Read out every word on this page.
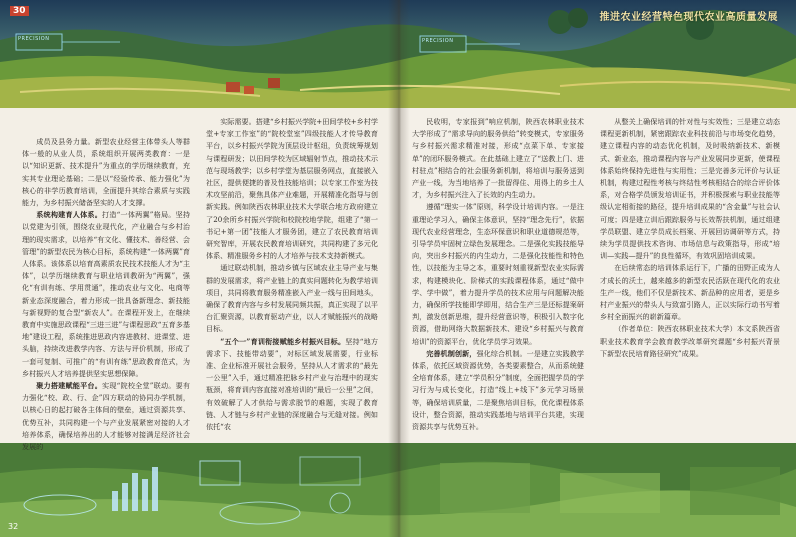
30
PRECISION	PRECISION
推进农业经营特色现代农业高质量发展
32

成员及县务力量。新型农业经营主体带头人等群体一般的从业人员，系统组织开展两类教育：一是以“知识更新、技术提升”为重点的学历继续教育，充实其专业理论基础；二是以“经验传承、能力强化”为核心的非学历教育培训，全面提升其综合素质与实践能力，为乡村振兴储备坚实的人才支撑。

系统构建育人体系。打造“一体两翼”格局。坚持以党建为引领，围绕农业现代化，产业融合与乡村治理的现实需求，以培养“有文化、懂技术、善经营、会管理”的新型农民为核心目标，系统构建“一体两翼”育人体系。该体系以培育高素质农民技术技能人才为“主体”，以学历继续教育与职业培训教研为“两翼”，强化“有训有练、学用贯通”，推动农业与文化、电商等新业态深度融合，着力形成一批具备新理念、新技能与新视野的复合型“新农人”。在课程开发上，在继续教育中实施思政课程“三进三进”与课程思政“五育多基地”建设工程，系统推进思政内容进教材、进课堂、进头脑，持续改进教学内容、方法与评价机制，形成了一套可复制、可推广的“有训有练”思政教育范式，为乡村振兴人才培养提供坚实思想保障。

聚力搭建赋能平台。实现“院校全堂”联动。要有力强化“校、政、行、企”四方联动的协同办学机制，以核心日的起打破各主体间的壁垒，通过资源共享、优势互补，共同构建一个与产业发展紧密对接的人才培养体系，确保培养出的人才能够对接满足经济社会发展的

实际需要。搭建“乡村振兴学院+田间学校+乡村学堂+专家工作室”的“院校堂室”四级技能人才传导教育平台，以乡村振兴学院为顶层设计枢纽，负责统筹规划与课程研发；以田间学校为区域辐射节点，推动技术示范与现场教学；以乡村学堂为基层服务网点，直接嵌入社区，提供便捷的普及性技能培训；以专家工作室为技术攻坚前沿，聚焦具体产业难题，开展精准化指导与创新实践。例如陕西农林职业技术大学联合地方政府建立了20余所乡村振兴学院和校院校地学院，组建了“第一书记+第一团”技能人才服务团，建立了农民教育培训研究智库，开展农民教育培训研究，共同构建了多元化体系、精准服务乡村的人才培养与技术支持新模式。

通过联动机制，推动乡镇与区域农业主导产业与集群的发展需求，将产业链上的真实问题转化为教学培训项目，共同将教育服务精准嵌入产业一线与田间地头，确保了教育内容与乡村发展同频共振，真正实现了以平台汇聚资源，以教育驱动产业，以人才赋能振兴的战略目标。

“五个一”育训衔接赋能乡村振兴目标。坚持“地方需求下、技能带动要”，对标区域发展需要，行业标准、企业标准开展社会服务，坚持从人才需求的“最先一公里”入手，通过精准把脉乡村产业与治理中的现实瓶颈，将育训内容直接对准培训的“最后一公里”之间，有效破解了人才供给与需求脱节的难题，实现了教育链、人才链与乡村产业链的深度融合与无缝对接。例如依托“农

民收明，专家报到”响应机制，陕西农林职业技术大学形成了“需求导向的服务供给”转变模式，专家服务与乡村振兴需求精准对接，形成“点菜下单、专家接单”的闭环服务模式。在此基础上建立了“送教上门、进村驻点”相结合的社会服务新机制，将培训与服务送到产业一线，为当地培养了一批留得住、用得上的乡土人才，为乡村振兴注入了长效的内生动力。

遵循“理实一体”原则，科学设计培训内容。一是注重理论学习入，确保主体意识，坚持“理念先行”，依据现代农业经营理念，生态环保意识和职业道德规范等，引导学员牢固树立绿色发展理念。二是强化实践技能导向，突出乡村振兴的内生动力，二是强化技能性和特色性，以技能为主导之本，重要时刻重视新型农业实际需求，构建模块化、阶梯式的实践课程体系，通过“做中学、学中做”，着力提升学员的技术应用与问题解决能力，确保所学技能即学即用，结合生产三是还标提案研判，激发创新思维，提升经营意识等，积极引入数字化资源，借助网络大数据新技术、建设“乡村振兴与教育培训”的资源平台，优化学员学习效果。

完善机制创新，强化综合机制。一是建立实践教学体系，依托区域资源优势，各类要素整合，从而系统健全培育体系，建立“学员积分”制度，全面把握学员的学习行为与成长变化，打造“线上+线下”多元学习场景等，确保培训质量，二是聚焦培训目标，优化课程体系设计，整合资源，推动实践基地与培训平台共建，实现资源共享与优势互补。

从整关上确保培训的针对性与实效性；三是建立动态课程更新机制，紧密跟踪农业科技前沿与市场变化趋势，建立课程内容的动态优化机制，及时吸纳新技术、新模式、新业态，推动课程内容与产业发展同步更新，使课程体系始终保持先进性与实用性；三是完善多元评价与认证机制，构建过程性考核与终结性考核相结合的综合评价体系，对合格学员颁发培训证书，并积极探索与职业技能等级认定相衔接的路径，提升培训成果的“含金量”与社会认可度；四是建立训后跟踪服务与长效帮扶机制，通过组建学员联盟、建立学员成长档案、开展回访调研等方式，持续为学员提供技术咨询、市场信息与政策指导，形成“培训—实践—提升”的良性循环，有效巩固培训成果。

在后续常态的培训体系运行下，广播的田野正成为人才成长的沃土，越来越多的新型农民活跃在现代化的农业生产一线，他们不仅是新技术、新品种的应用者，更是乡村产业振兴的带头人与致富引路人，正以实际行动书写着乡村全面振兴的崭新篇章。

（作者单位：陕西农林职业技术大学）本文系陕西省职业技术教育学会教育教学改革研究课题“乡村振兴背景下新型农民培育路径研究”成果。
